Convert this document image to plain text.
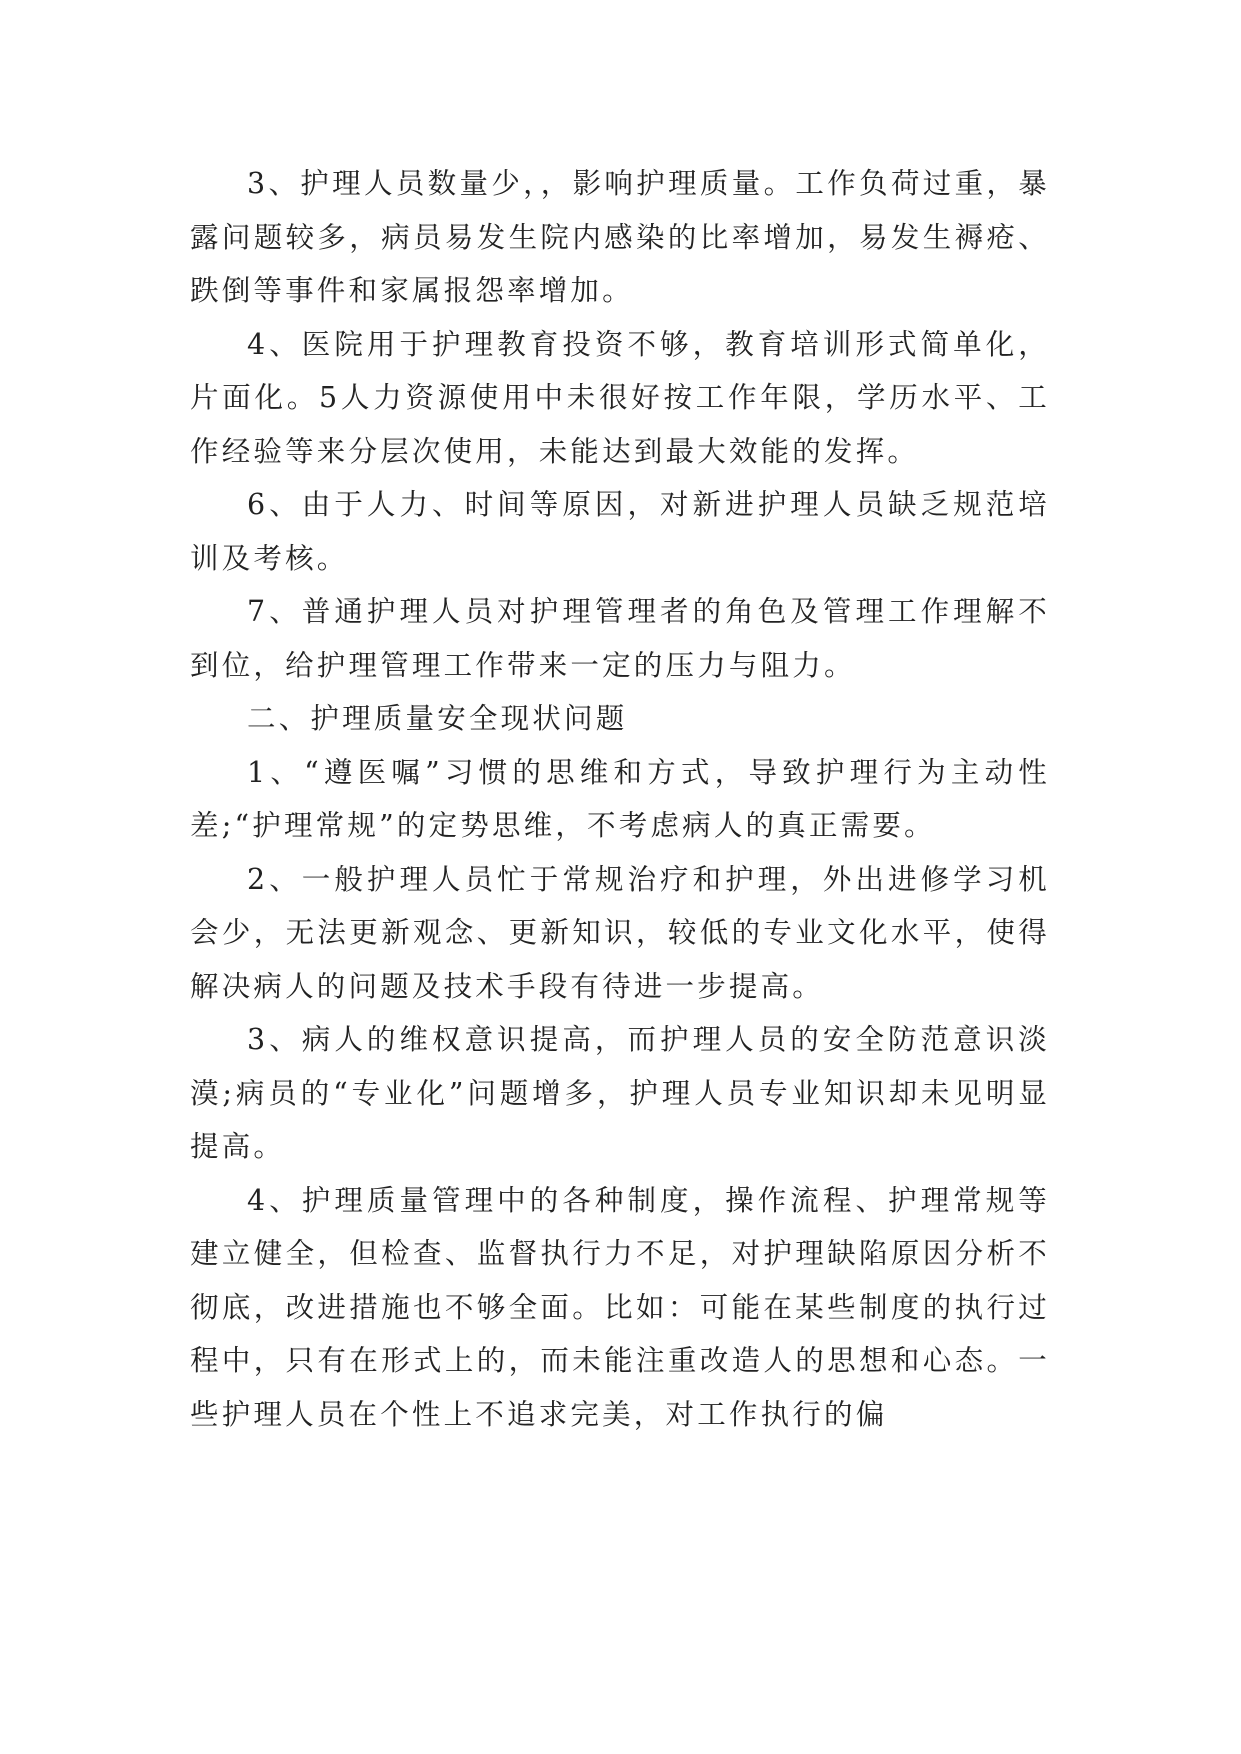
3、护理人员数量少，，影响护理质量。工作负荷过重，暴露问题较多，病员易发生院内感染的比率增加，易发生褥疮、跌倒等事件和家属报怨率增加。

4、医院用于护理教育投资不够，教育培训形式简单化，片面化。5人力资源使用中未很好按工作年限，学历水平、工作经验等来分层次使用，未能达到最大效能的发挥。

6、由于人力、时间等原因，对新进护理人员缺乏规范培训及考核。

7、普通护理人员对护理管理者的角色及管理工作理解不到位，给护理管理工作带来一定的压力与阻力。

二、护理质量安全现状问题

1、“遵医嘱”习惯的思维和方式，导致护理行为主动性差;“护理常规”的定势思维，不考虑病人的真正需要。

2、一般护理人员忙于常规治疗和护理，外出进修学习机会少，无法更新观念、更新知识，较低的专业文化水平，使得解决病人的问题及技术手段有待进一步提高。

3、病人的维权意识提高，而护理人员的安全防范意识淡漠;病员的“专业化”问题增多，护理人员专业知识却未见明显提高。

4、护理质量管理中的各种制度，操作流程、护理常规等建立健全，但检查、监督执行力不足，对护理缺陷原因分析不彻底，改进措施也不够全面。比如：可能在某些制度的执行过程中，只有在形式上的，而未能注重改造人的思想和心态。一些护理人员在个性上不追求完美，对工作执行的偏
